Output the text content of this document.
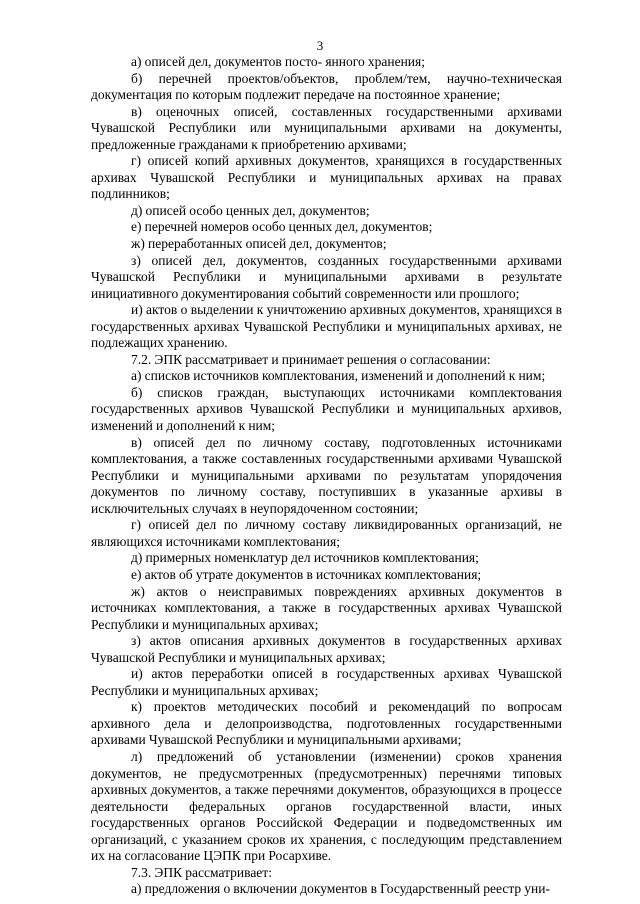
3

а) описей дел, документов посто- янного хранения;

б) перечней проектов/объектов, проблем/тем, научно-техническая документация по которым подлежит передаче на постоянное хранение;

в) оценочных описей, составленных государственными архивами Чувашской Республики или муниципальными архивами на документы, предложенные гражданами к приобретению архивами;

г) описей копий архивных документов, хранящихся в государственных архивах Чувашской Республики и муниципальных архивах на правах подлинников;

д) описей особо ценных дел, документов;

е) перечней номеров особо ценных дел, документов;

ж) переработанных описей дел, документов;

з) описей дел, документов, созданных государственными архивами Чувашской Республики и муниципальными архивами в результате инициативного документирования событий современности или прошлого;

и) актов о выделении к уничтожению архивных документов, хранящихся в государственных архивах Чувашской Республики и муниципальных архивах, не подлежащих хранению.

7.2. ЭПК рассматривает и принимает решения о согласовании:

а) списков источников комплектования, изменений и дополнений к ним;

б) списков граждан, выступающих источниками комплектования государственных архивов Чувашской Республики и муниципальных архивов, изменений и дополнений к ним;

в) описей дел по личному составу, подготовленных источниками комплектования, а также составленных государственными архивами Чувашской Республики и муниципальными архивами по результатам упорядочения документов по личному составу, поступивших в указанные архивы в исключительных случаях в неупорядоченном состоянии;

г) описей дел по личному составу ликвидированных организаций, не являющихся источниками комплектования;

д) примерных номенклатур дел источников комплектования;

е) актов об утрате документов в источниках комплектования;

ж) актов о неисправимых повреждениях архивных документов в источниках комплектования, а также в государственных архивах Чувашской Республики и муниципальных архивах;

з) актов описания архивных документов в государственных архивах Чувашской Республики и муниципальных архивах;

и) актов переработки описей в государственных архивах Чувашской Республики и муниципальных архивах;

к) проектов методических пособий и рекомендаций по вопросам архивного дела и делопроизводства, подготовленных государственными архивами Чувашской Республики и муниципальными архивами;

л) предложений об установлении (изменении) сроков хранения документов, не предусмотренных (предусмотренных) перечнями типовых архивных документов, а также перечнями документов, образующихся в процессе деятельности федеральных органов государственной власти, иных государственных органов Российской Федерации и подведомственных им организаций, с указанием сроков их хранения, с последующим представлением их на согласование ЦЭПК при Росархиве.

7.3. ЭПК рассматривает:

а) предложения о включении документов в Государственный реестр уни-
